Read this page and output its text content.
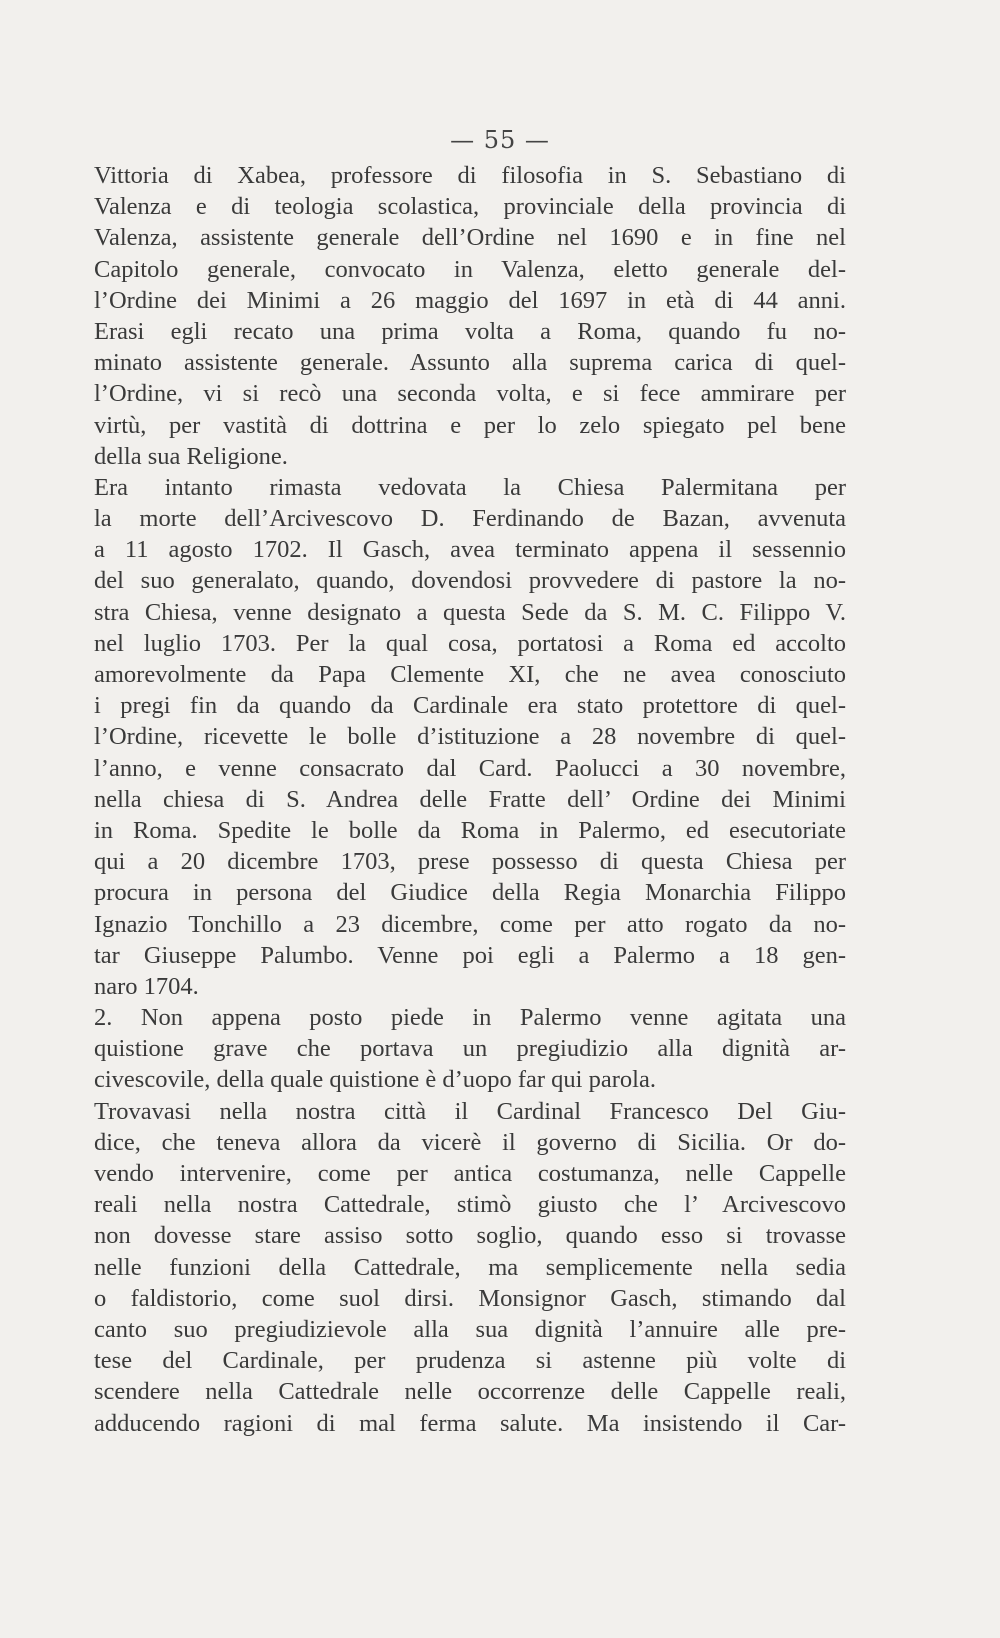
— 55 —
Vittoria di Xabea, professore di filosofia in S. Sebastiano di
Valenza e di teologia scolastica, provinciale della provincia di
Valenza, assistente generale dell’Ordine nel 1690 e in fine nel
Capitolo generale, convocato in Valenza, eletto generale del-
l’Ordine dei Minimi a 26 maggio del 1697 in età di 44 anni.
Erasi egli recato una prima volta a Roma, quando fu no-
minato assistente generale. Assunto alla suprema carica di quel-
l’Ordine, vi si recò una seconda volta, e si fece ammirare per
virtù, per vastità di dottrina e per lo zelo spiegato pel bene
della sua Religione.
Era intanto rimasta vedovata la Chiesa Palermitana per
la morte dell’Arcivescovo D. Ferdinando de Bazan, avvenuta
a 11 agosto 1702. Il Gasch, avea terminato appena il sessennio
del suo generalato, quando, dovendosi provvedere di pastore la no-
stra Chiesa, venne designato a questa Sede da S. M. C. Filippo V.
nel luglio 1703. Per la qual cosa, portatosi a Roma ed accolto
amorevolmente da Papa Clemente XI, che ne avea conosciuto
i pregi fin da quando da Cardinale era stato protettore di quel-
l’Ordine, ricevette le bolle d’istituzione a 28 novembre di quel-
l’anno, e venne consacrato dal Card. Paolucci a 30 novembre,
nella chiesa di S. Andrea delle Fratte dell’ Ordine dei Minimi
in Roma. Spedite le bolle da Roma in Palermo, ed esecutoriate
qui a 20 dicembre 1703, prese possesso di questa Chiesa per
procura in persona del Giudice della Regia Monarchia Filippo
Ignazio Tonchillo a 23 dicembre, come per atto rogato da no-
tar Giuseppe Palumbo. Venne poi egli a Palermo a 18 gen-
naro 1704.
2. Non appena posto piede in Palermo venne agitata una
quistione grave che portava un pregiudizio alla dignità ar-
civescovile, della quale quistione è d’uopo far qui parola.
Trovavasi nella nostra città il Cardinal Francesco Del Giu-
dice, che teneva allora da vicerè il governo di Sicilia. Or do-
vendo intervenire, come per antica costumanza, nelle Cappelle
reali nella nostra Cattedrale, stimò giusto che l’ Arcivescovo
non dovesse stare assiso sotto soglio, quando esso si trovasse
nelle funzioni della Cattedrale, ma semplicemente nella sedia
o faldistorio, come suol dirsi. Monsignor Gasch, stimando dal
canto suo pregiudizievole alla sua dignità l’annuire alle pre-
tese del Cardinale, per prudenza si astenne più volte di
scendere nella Cattedrale nelle occorrenze delle Cappelle reali,
adducendo ragioni di mal ferma salute. Ma insistendo il Car-
